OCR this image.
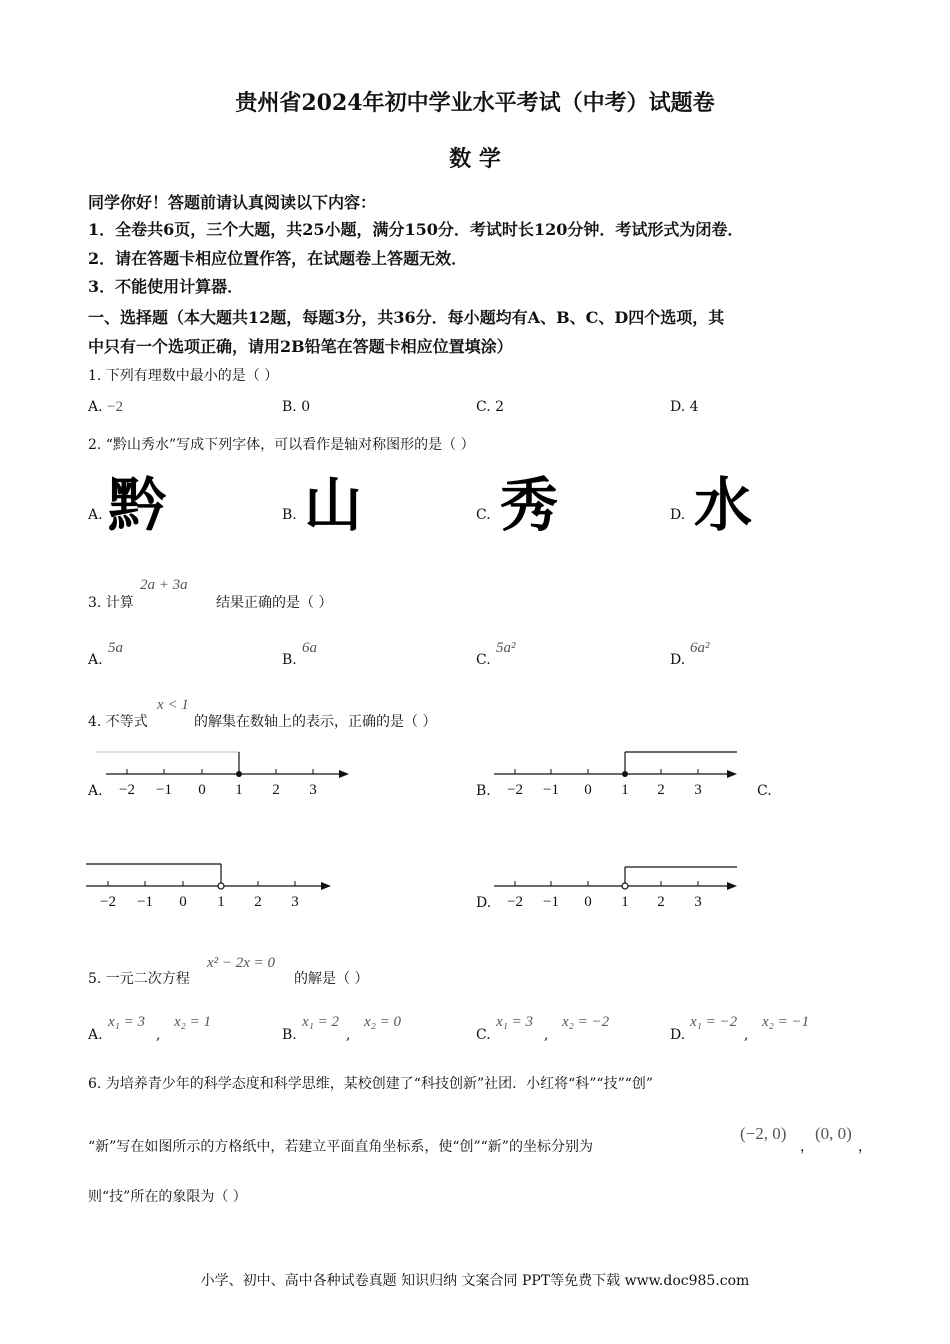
贵州省2024年初中学业水平考试（中考）试题卷
数 学
同学你好！答题前请认真阅读以下内容：
1．全卷共6页，三个大题，共25小题，满分150分．考试时长120分钟．考试形式为闭卷．
2．请在答题卡相应位置作答，在试题卷上答题无效．
3．不能使用计算器．
一、选择题（本大题共12题，每题3分，共36分．每小题均有A、B、C、D四个选项，其
中只有一个选项正确，请用2B铅笔在答题卡相应位置填涂）
1. 下列有理数中最小的是（ ）
A. −2	B. 0	C. 2	D. 4
2. “黔山秀水”写成下列字体，可以看作是轴对称图形的是（ ）
A. 黔	B. 山	C. 秀	D. 水
3. 计算
2a + 3a
结果正确的是（ ）
A.
5a
B.
6a
C.
5a²
D.
6a²
4. 不等式
x < 1
的解集在数轴上的表示，正确的是（ ）
A. −2 −1 0 1 2 3	B. −2 −1 0 1 2 3	C.
−2 −1 0 1 2 3	D. −2 −1 0 1 2 3
5. 一元二次方程
x² − 2x = 0
的解是（ ）
A.
x₁ = 3
,
x₂ = 1
B.
x₁ = 2
,
x₂ = 0
C.
x₁ = 3
,
x₂ = −2
D.
x₁ = −2
,
x₂ = −1
6. 为培养青少年的科学态度和科学思维，某校创建了“科技创新”社团．小红将“科”“技”“创”
“新”写在如图所示的方格纸中，若建立平面直角坐标系，使“创”“新”的坐标分别为
(−2, 0)
，
(0, 0)
，
则“技”所在的象限为（ ）
小学、初中、高中各种试卷真题 知识归纳 文案合同 PPT等免费下载 www.doc985.com
